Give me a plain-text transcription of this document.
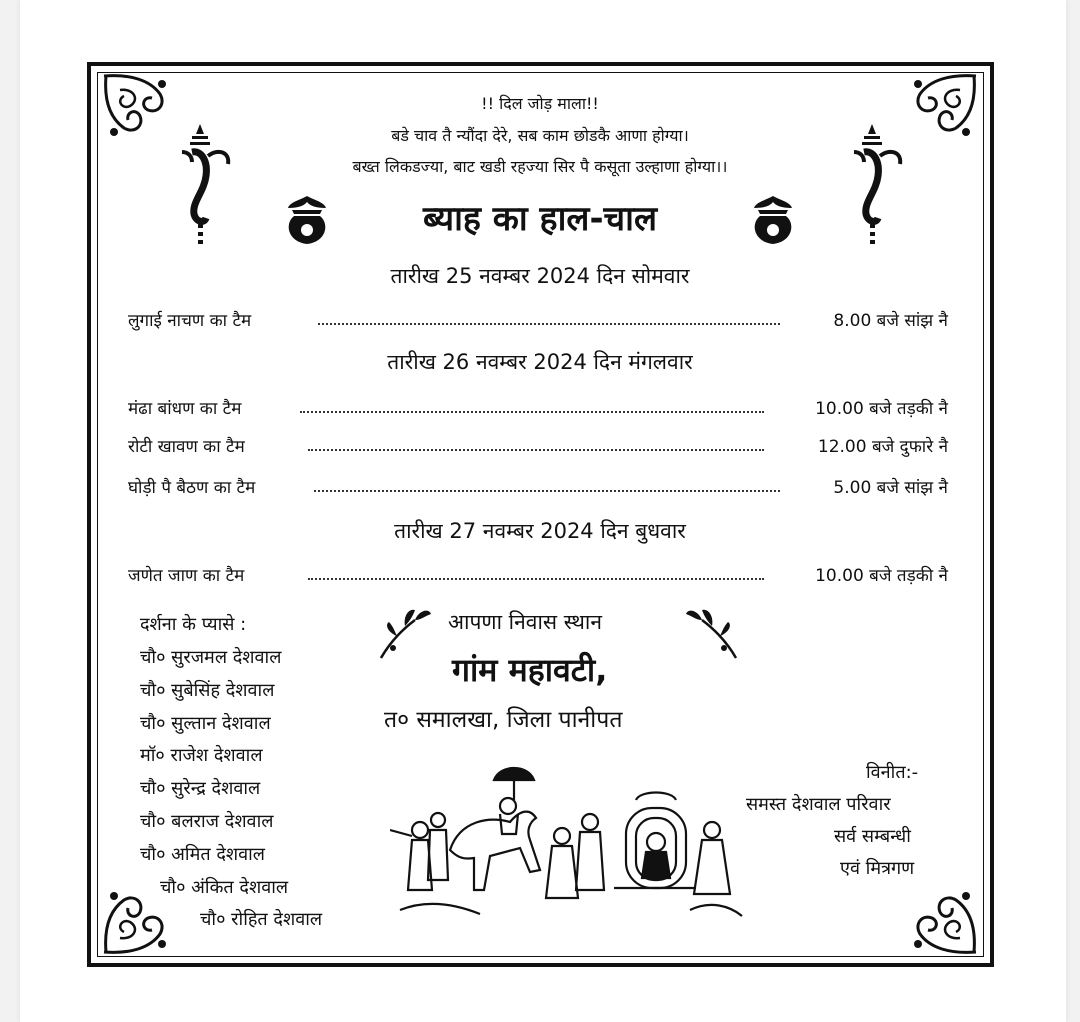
!! दिल जोड़ माला!!
बडे चाव तै न्यौंदा देरे, सब काम छोडकै आणा होग्या।
बख्त लिकडज्या, बाट खडी रहज्या सिर पै कसूता उल्हाणा होग्या।।
ब्याह का हाल-चाल
तारीख 25 नवम्बर 2024 दिन सोमवार
लुगाई नाचण का टैम	8.00 बजे सांझ नै
तारीख 26 नवम्बर 2024 दिन मंगलवार
मंढा बांधण का टैम	10.00 बजे तड़की नै
रोटी खावण का टैम	12.00 बजे दुफारे नै
घोड़ी पै बैठण का टैम	5.00 बजे सांझ नै
तारीख 27 नवम्बर 2024 दिन बुधवार
जणेत जाण का टैम	10.00 बजे तड़की नै
दर्शना के प्यासे :
चौ० सुरजमल देशवाल
चौ० सुबेसिंह देशवाल
चौ० सुल्तान देशवाल
मॉ० राजेश देशवाल
चौ० सुरेन्द्र देशवाल
चौ० बलराज देशवाल
चौ० अमित देशवाल
चौ० अंकित देशवाल
चौ० रोहित देशवाल
आपणा निवास स्थान
गांम महावटी,
त० समालखा, जिला पानीपत
विनीत:-
समस्त देशवाल परिवार
सर्व सम्बन्धी
एवं मित्रगण
